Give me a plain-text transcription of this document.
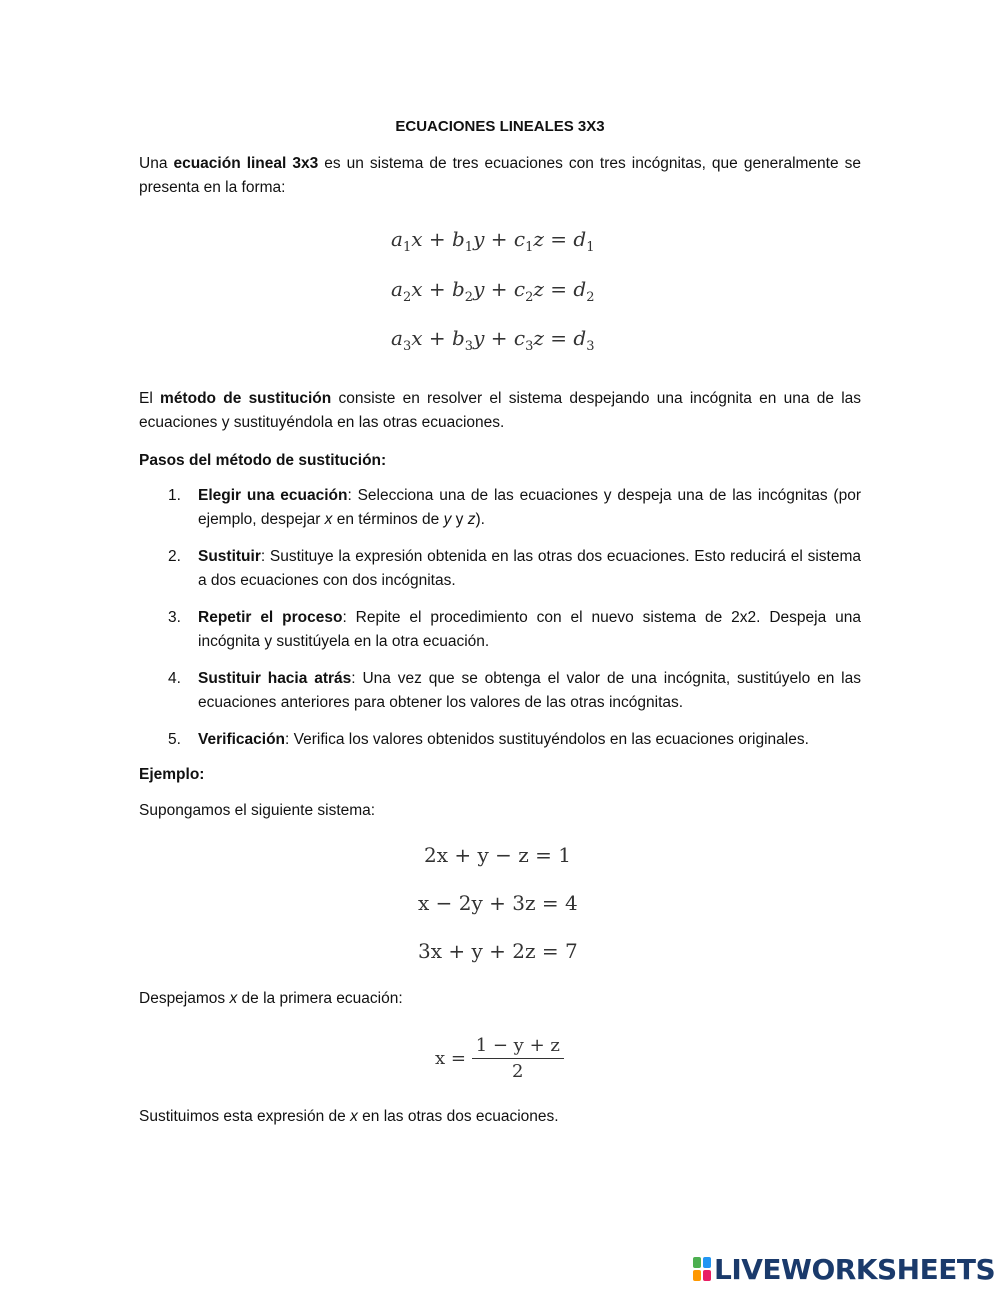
ECUACIONES LINEALES 3X3

Una ecuación lineal 3x3 es un sistema de tres ecuaciones con tres incógnitas, que generalmente se presenta en la forma:

$a_1x + b_1y + c_1z = d_1$
$a_2x + b_2y + c_2z = d_2$
$a_3x + b_3y + c_3z = d_3$

El método de sustitución consiste en resolver el sistema despejando una incógnita en una de las ecuaciones y sustituyéndola en las otras ecuaciones.

Pasos del método de sustitución:

1. Elegir una ecuación: Selecciona una de las ecuaciones y despeja una de las incógnitas (por ejemplo, despejar x en términos de y y z).
2. Sustituir: Sustituye la expresión obtenida en las otras dos ecuaciones. Esto reducirá el sistema a dos ecuaciones con dos incógnitas.
3. Repetir el proceso: Repite el procedimiento con el nuevo sistema de 2x2. Despeja una incógnita y sustitúyela en la otra ecuación.
4. Sustituir hacia atrás: Una vez que se obtenga el valor de una incógnita, sustitúyelo en las ecuaciones anteriores para obtener los valores de las otras incógnitas.
5. Verificación: Verifica los valores obtenidos sustituyéndolos en las ecuaciones originales.

Ejemplo:

Supongamos el siguiente sistema:

2x + y − z = 1
x − 2y + 3z = 4
3x + y + 2z = 7

Despejamos x de la primera ecuación:

$x = \frac{1 - y + z}{2}$

Sustituimos esta expresión de x en las otras dos ecuaciones.

LIVEWORKSHEETS
